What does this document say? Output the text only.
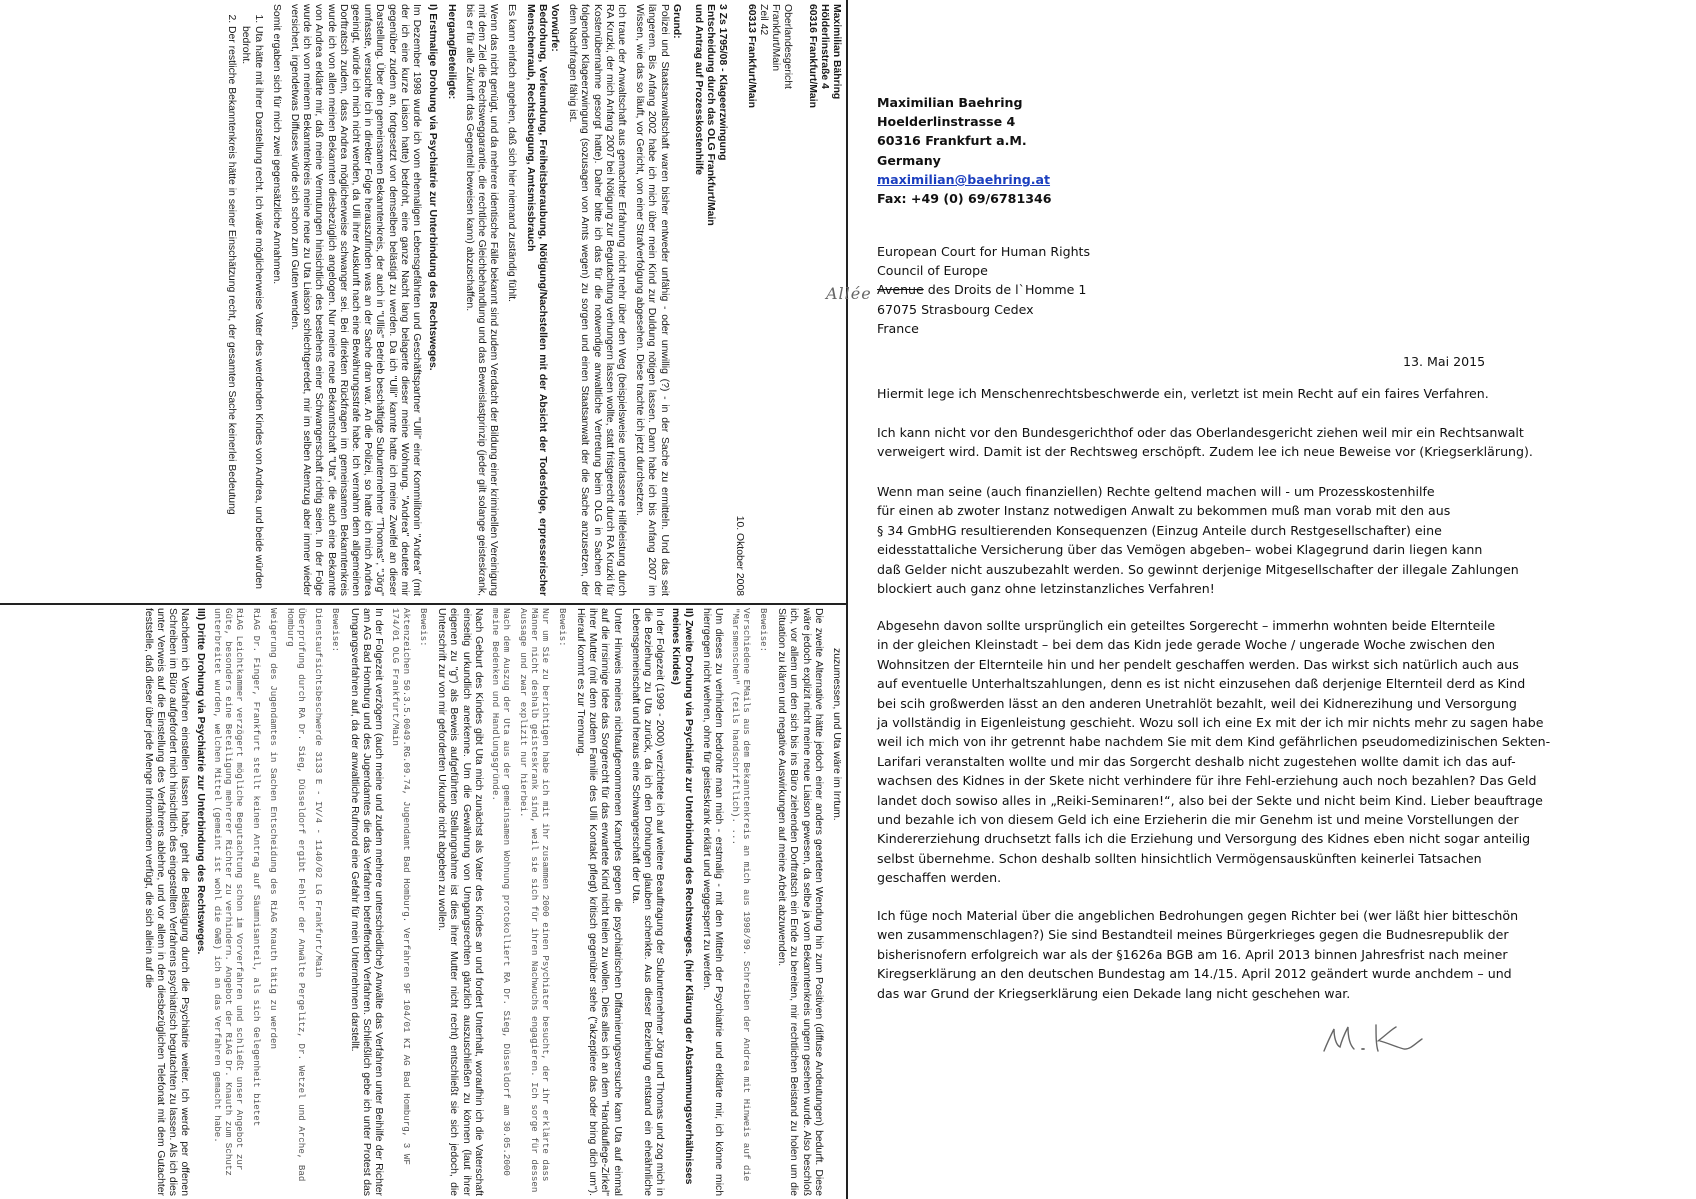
Maximilian Bähring
Hölderlinstraße 4
60316 Frankfurt/Main
Oberlandesgericht
Frankfurt/Main
Zeil 42
60313 Frankfurt/Main
10. Oktober 2008
3 Zs 1795/08 - Klageerzwingung
Entscheidung durch das OLG Frankfurt/Main
und Antrag auf Prozesskostenhilfe
Grund:

Polizei und Staatsanwaltschaft waren bisher entweder unfähig - oder unwillig (?) - in der Sache zu ermitteln. Und das seit längerem. Bis Anfang 2002 habe ich mich über mein Kind zur Duldung nötigen lassen. Dann habe ich bis Anfang 2007 im Wissen, wie das so läuft, vor Gericht, von einer Strafverfolgung abgesehen. Diese trachte ich jetzt durchsetzen.

Ich traue der Anwaltschaft aus gemachter Erfahrung nicht mehr über den Weg (beispielsweise unterlassene Hilfeleistung durch RA Kruzki, der mich Anfang 2007 bei Nötigung zur Begutachtung verhungern lassen wollte, statt fristgerecht durch RA Kruzki für Kostenübernahme gesorgt hatte). Daher bitte ich das für die notwendige anwaltliche Vertretung beim OLG in Sachen der folgenden Klageerzwingung (sozusagen von Amts wegen) zu sorgen und einen Staatsanwalt der die Sache anzusetzen, der dem Nachfragen fähig ist.

Vorwürfe:

Bedrohung, Verleumdung, Freiheitsberaubung, Nötigung/Nachstellen mit der Absicht der Todesfolge, erpresserischer Menschenraub, Rechtsbeugung, Amtsmissbrauch

Es kann einfach angehen, daß sich hier niemand zuständig fühlt.

Wenn das nicht genügt, und da mehrere identische Fälle bekannt sind zudem Verdacht der Bildung einer kriminellen Vereinigung mit dem Ziel die Rechtsweggarantie, die rechtliche Gleichbehandlung und das Beweislastprinzip (jeder gilt solange geisteskrank, bis er für alle Zukunft das Gegenteil beweisen kann) abzuschaffen.

Hergang/Beteiligte:
I) Erstmalige Drohung via Psychiatrie zur Unterbindung des Rechtsweges.

Im Dezember 1998 wurde ich vom ehemaligen Lebensgefährten und Geschäftspartner "Ulli" einer Kommilitonin "Andrea" (mit der ich eine kurze Liaison hatte) bedroht, eine ganze Nacht lang belagerte dieser meine Wohnung. "Andrea" deutete mir gegenüber zudem an, fortgesetzt von demselben belästigt zu werden. Da ich "Ulli" kannte hatte ich meine Zweifel an dieser Darstellung. Über den gemeinsamen Bekanntenkreis, der auch in "Ullis" Betrieb beschäftigte Subunternehmer "Thomas", "Jörg" umfasste, versuchte ich in direkter Folge herauszufinden was an der Sache dran war. An die Polizei, so hatte ich mich Andrea geeinigt, würde ich mich nicht wenden, da Ulli ihrer Auskunft nach eine Bewährungsstrafe habe. Ich vernahm dem allgemeinen Dorftratsch zudem, dass Andrea möglicherweise schwanger sei. Bei direkten Rückfragen im gemeinsamen Bekanntenkreis wurde ich von allen meinen Bekannten diesbezüglich angelogen. Nur meine neue Bekanntschaft "Uta", die auch eine Bekannte von Andrea erklärte mir, daß meine Vermutungen hinsichtlich des bestehens einer Schwangerschaft richtig seien. In der Folge wurde ich von meinem Bekanntenkreis meine neue zu Uta Liaison schlechtgeredet, mir im selben Atemzug aber immer wieder versichert, irgendetwas Diffuses würde sich schon zum Guten wenden.

Somit ergaben sich für mich zwei gegensätzliche Annahmen.

1. Uta hätte mit ihrer Darstellung recht. Ich wäre möglicherweise Vater des werdenden Kindes von Andrea, und beide würden bedroht.
2. Der restliche Bekanntenkreis hätte in seiner Einschätzung recht, der gesamten Sache keinerlei Bedeutung

zuzumessen, und Uta wäre im Irrtum.

Die zweite Alternative hätte jedoch einer anders gearteten Wendung hin zum Positiven (diffuse Andeutungen) bedurft. Diese wäre jedoch explizit nicht meine neue Liaison gewesen, da selbe ja vom Bekanntenkreis ungern gesehen wurde. Also beschloß ich, vor allem um den sich bis ins Büro ziehenden Dorftratsch ein Ende zu bereiten, mir rechtlichen Beistand zu holen um die Situation zu klären und negative Auswirkungen auf meine Arbeit abzuwenden.

Beweise:
Verschiedene EMails aus dem Bekanntenkreis an mich aus 1998/99. Schreiben der Andrea mit Hinweis auf die "Marsmenschen" (teils handschriftlich). ...

Um dieses zu verhindern bedrohte man mich - erstmalig - mit den Mitteln der Psychiatrie und erklärte mir, ich könne mich hierrgegen nicht wehren, ohne für geisteskrank erklärt und weggesperrt zu werden.

II) Zweite Drohung via Psychiatrie zur Unterbindung des Rechtsweges. (hier Klärung der Abstammungsverhältnisses meines Kindes)

In der Folgezeit (1999 - 2000) verzichtete ich auf weitere Beauftragung der Subunternehmer Jörg und Thomas und zog mich in die Beziehung zu Uta zurück, da ich den Drohungen glauben schenkte. Aus dieser Beziehung entstand ein eheähnliche Lebensgemeinschaft und heraus eine Schwangerschaft der Uta.

Unter Hinweis meines nichtaufgenommenen Kampfes gegen die psychiatrischen Diffamierungsversuche kam Uta auf einmal auf die irrsinnige Idee das Sorgerecht für das erwartete Kind nicht teilen zu wollen. Dies alles ich an dem "Handauflege-Zirkel" ihrer Mutter (mit dem zudem Familie des Ulli Kontakt pflegt) kritisch gegenüber stehe ("akzeptiere das oder bring dich um"). Hierauf kommt es zur Trennung.

Beweis:
Nur um Sie zu berichtigen habe ich mit ihr zusammen 2000 einen Psychiater besucht, der ihr erklärte dass Männer nicht deshalb geisteskrank sind, weil sie sich für ihren Nachwuchs engagieren. Ich sorge für dessen Aussage und zwar explizit nur hierbei.
Nach dem Auszug der Uta aus der gemeinsamen Wohnung protokolliert RA Dr. Sieg, Düsseldorf am 30.05.2000 meine Bedenken und Handlungsgründe.

Nach Geburt des Kindes gibt Uta mich zunächst als Vater des Kindes an und fordert Unterhalt, woraufhin ich die Vaterschaft einseitig urkundlich anerkenne. Um die Gewährung von Umgangsrechten gänzlich auszuschließen zu können (laut ihrer eigenen zu "g") als Beweis aufgeführten Stellungnahme ist dies ihrer Mutter nicht recht) entschließt sie sich jedoch, die Unterschrift zur von mir geforderten Urkunde nicht abgeben zu wollen.

Beweis:
Aktenzeichen 50.3.5.0049.RG.09.74, Jugendamt Bad Homburg. Verfahren 9F 104/01 KI AG Bad Homburg, 3 WF 174/01 OLG Frankfurt/Main

In der Folgezeit verzögern (auch meine und zudem mehrere unterschiedliche) Anwälte das Verfahren unter Beihilfe der Richter am AG Bad Homburg und des Jugendamtes die das Verfahren betreffenden Verfahren. Schließlich gebe ich unter Protest das Umgangsverfahren auf, da der anwaltliche Rufmord eine Gefahr für mein Unternehmen darstellt.

Beweise:
Dienstaufsichtsbeschwerde 3133 E - IV/4 - 1140/02 LG Frankfurt/Main
Überprüfung durch RA Dr. Sieg, Düsseldorf ergibt Fehler der Anwälte Pergelitz, Dr. Wetzel und Arche, Bad Homburg
Weigerung des Jugendamtes in Sachen Entscheidung des RiAG Knauth tätig zu werden
RiAG Dr. Finger, Frankfurt stellt keinen Antrag auf Säumnisanteil, als sich Gelegenheit bietet
RiAG Leichtkammer verzögert mögliche Begutachtung schon im Vorverfahren und schließt unser Angebot zur Güte, besonders eine Beteiligung mehrerer Richter zu verhindern. Angebot der RiAG Dr. Knauth zum Schutz unterbreitet wurden, welchen Mittel (gemeint ist wohl die GWB) ich an das Verfahren gemacht habe.
III) Dritte Drohung via Psychiatrie zur Unterbindung des Rechtsweges.

Nachdem ich Verfahren einstellen lassen habe, geht die Belästigung durch die Psychiatrie weiter. Ich werde per offenen Schreiben im Büro aufgefordert mich hinsichtlich des eingestellten Verfahrens psychiatrisch begutachten zu lassen. Als ich dies unter Verweis auf die Einstellung des Verfahrens ablehne, und vor allem in den diesbezüglichen Telefonat mit dem Gutachter feststelle, daß dieser über jede Menge Informationen verfügt, die sich allein auf die

Maximilian Baehring
Hoelderlinstrasse 4
60316 Frankfurt a.M.
Germany
maximilian@baehring.at
Fax: +49 (0) 69/6781346
European Court for Human Rights
Council of Europe
Avenue des Droits de l`Homme 1
67075 Strasbourg Cedex
France
Hiermit lege ich Menschenrechtsbeschwerde ein, verletzt ist mein Recht auf ein faires Verfahren.
Ich kann nicht vor den Bundesgerichthof oder das Oberlandesgericht ziehen weil mir ein Rechtsanwalt
verweigert wird. Damit ist der Rechtsweg erschöpft. Zudem lee ich neue Beweise vor (Kriegserklärung).
Wenn man seine (auch finanziellen) Rechte geltend machen will - um Prozesskostenhilfe
für einen ab zwoter Instanz notwedigen Anwalt zu bekommen muß man vorab mit den aus
§ 34 GmbHG resultierenden Konsequenzen (Einzug Anteile durch Restgesellschafter) eine
eidesstattaliche Versicherung über das Vemögen abgeben– wobei Klagegrund darin liegen kann
daß Gelder nicht auszubezahlt werden. So gewinnt derjenige Mitgesellschafter der illegale Zahlungen
blockiert auch ganz ohne letzinstanzliches Verfahren!
Abgesehn davon sollte ursprünglich ein geteiltes Sorgerecht – immerhn wohnten beide Elternteile
in der gleichen Kleinstadt – bei dem das Kidn jede gerade Woche / ungerade Woche zwischen den
Wohnsitzen der Elternteile hin und her pendelt geschaffen werden. Das wirkst sich natürlich auch aus
auf eventuelle Unterhaltszahlungen, denn es ist nicht einzusehen daß derjenige Elternteil derd as Kind
bei scih großwerden lässt an den anderen Unetrahlöt bezahlt, weil dei Kidnerezihung und Versorgung
ja vollständig in Eigenleistung geschieht. Wozu soll ich eine Ex mit der ich mir nichts mehr zu sagen habe
weil ich mich von ihr getrennt habe nachdem Sie mit dem Kind gefährlichen pseudomedizinischen Sekten-
Larifari veranstalten wollte und mir das Sorgercht deshalb nicht zugestehen wollte damit ich das auf-
wachsen des Kidnes in der Skete nicht verhindere für ihre Fehl-erziehung auch noch bezahlen? Das Geld
landet doch sowiso alles in „Reiki-Seminaren!“, also bei der Sekte und nicht beim Kind. Lieber beauftrage
und bezahle ich von diesem Geld ich eine Erzieherin die mir Genehm ist und meine Vorstellungen der
Kindererziehung druchsetzt falls ich die Erziehung und Versorgung des Kidnes eben nicht sogar anteilig
selbst übernehme. Schon deshalb sollten hinsichtlich Vermögensauskünften keinerlei Tatsachen
geschaffen werden.
Ich füge noch Material über die angeblichen Bedrohungen gegen Richter bei (wer läßt hier bitteschön
wen zusammenschlagen?) Sie sind Bestandteil meines Bürgerkrieges gegen die Budnesrepublik der
bisherisnofern erfolgreich war als der §1626a BGB am 16. April 2013 binnen Jahresfrist nach meiner
Kiregserklärung an den deutschen Bundestag am 14./15. April 2012 geändert wurde anchdem – und
das war Grund der Kriegserklärung eien Dekade lang nicht geschehen war.
Allée
13. Mai 2015
